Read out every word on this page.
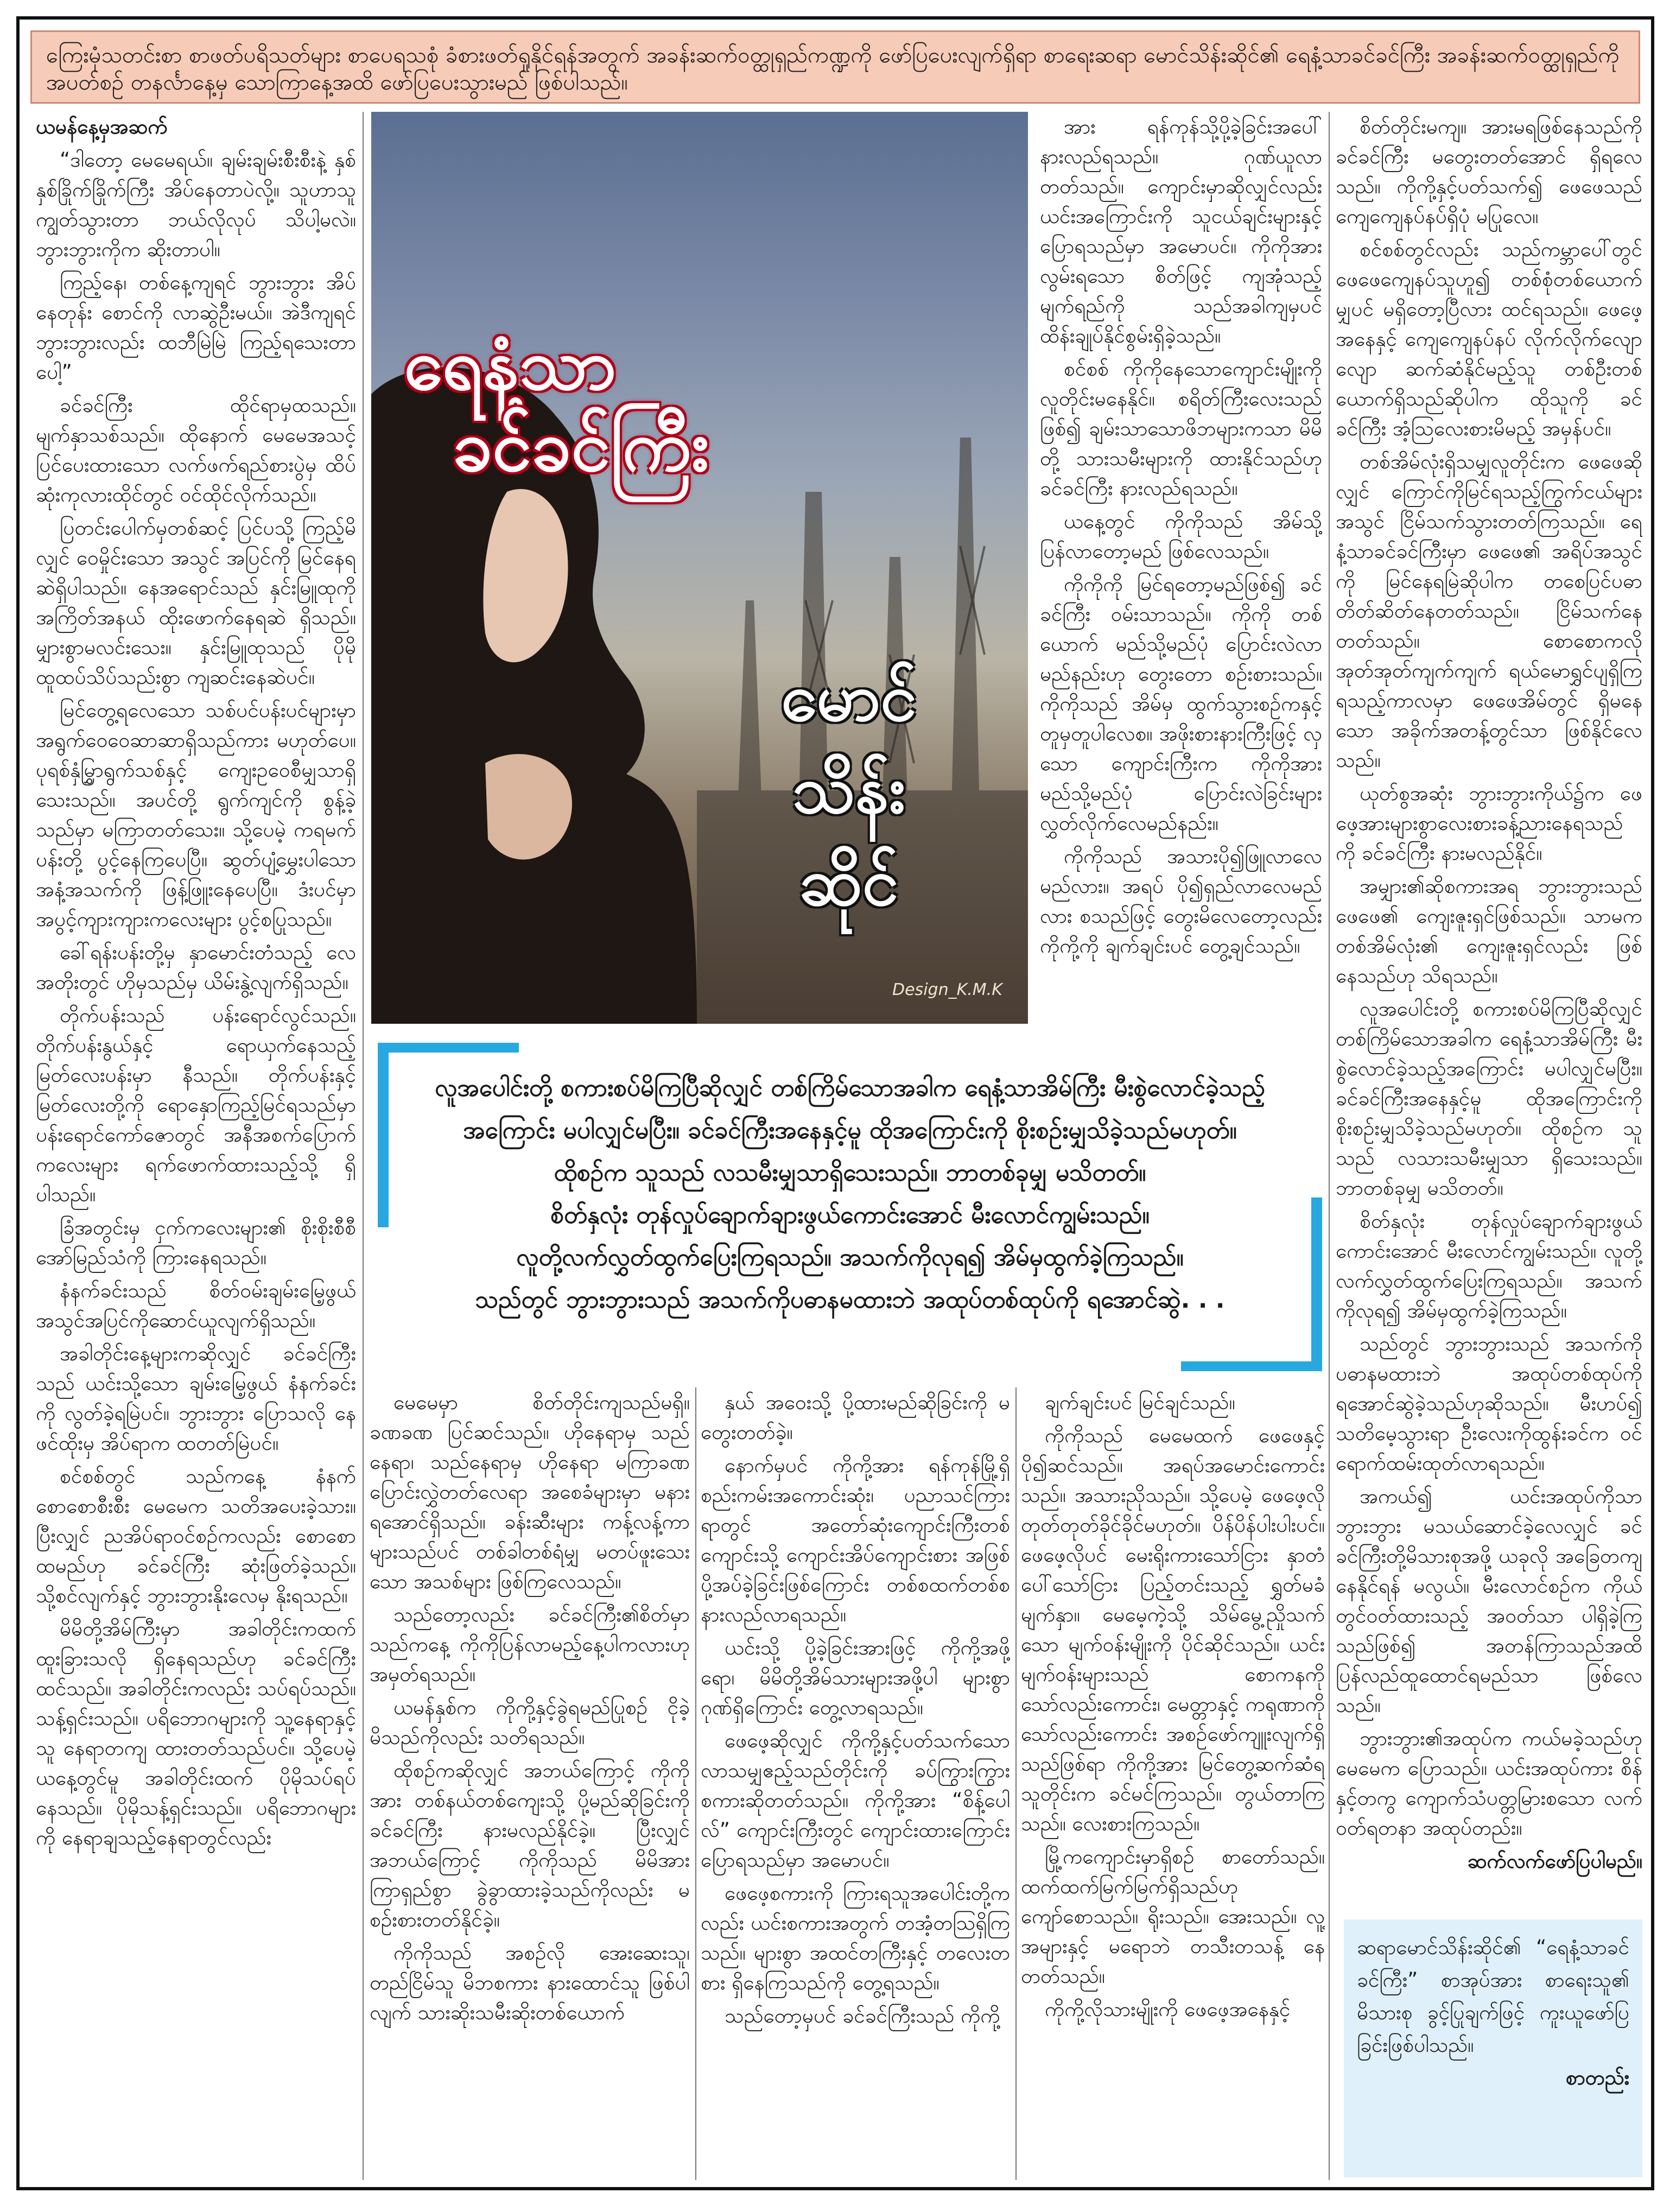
ကြေးမုံသတင်းစာ စာဖတ်ပရိသတ်များ စာပေရသစုံ ခံစားဖတ်ရှုနိုင်ရန်အတွက် အခန်းဆက်ဝတ္ထုရှည်ကဏ္ဍကို ဖော်ပြပေးလျက်ရှိရာ စာရေးဆရာ မောင်သိန်းဆိုင်၏ ရေနံ့သာခင်ခင်ကြီး အခန်းဆက်ဝတ္ထုရှည်ကို အပတ်စဉ် တနင်္လာနေ့မှ သောကြာနေ့အထိ ဖော်ပြပေးသွားမည် ဖြစ်ပါသည်။

ယမန်နေ့မှအဆက်

“ဒါတော့ မေမေရယ်။ ချမ်းချမ်းစီးစီးနဲ့ နှစ်နှစ်ခြိုက်ခြိုက်ကြီး အိပ်နေတာပဲလို့။ သူဟာသူ ကျွတ်သွားတာ ဘယ်လိုလုပ် သိပါ့မလဲ။ ဘွားဘွားကိုက ဆိုးတာပါ။

ကြည့်နေ၊ တစ်နေ့ကျရင် ဘွားဘွား အိပ်နေတုန်း စောင်ကို လာဆွဲဦးမယ်။ အဲဒီကျရင် ဘွားဘွားလည်း ထဘီမြဲမြဲ ကြည့်ရသေးတာပေါ့”

ခင်ခင်ကြီး ထိုင်ရာမှထသည်။ မျက်နှာသစ်သည်။ ထိုနောက် မေမေအသင့်ပြင်ပေးထားသော လက်ဖက်ရည်စားပွဲမှ ထိပ်ဆုံးကုလားထိုင်တွင် ဝင်ထိုင်လိုက်သည်။

ပြတင်းပေါက်မှတစ်ဆင့် ပြင်ပသို့ ကြည့်မိလျှင် ဝေမှိုင်းသော အသွင် အပြင်ကို မြင်နေရဆဲရှိပါသည်။ နေအရောင်သည် နှင်းမြူထုကို အကြိတ်အနယ် ထိုးဖောက်နေရဆဲ ရှိသည်။ မျှားစွာမလင်းသေး။ နှင်းမြူထုသည် ပိုမိုထူထပ်သိပ်သည်းစွာ ကျဆင်းနေဆဲပင်။

မြင်တွေ့ရလေသော သစ်ပင်ပန်းပင်များမှာ အရွက်ဝေဝေဆာဆာရှိသည်ကား မဟုတ်ပေ။ ပုရစ်နှံမြွှာရွက်သစ်နှင့် ကျေးဥဝေစီမျှသာရှိသေးသည်။ အပင်တို့ ရွက်ကျင်ကို စွန့်ခဲ့သည်မှာ မကြာတတ်သေး။ သို့ပေမဲ့ ကရမက်ပန်းတို့ ပွင့်နေကြပေပြီ။ ဆွတ်ပျံ့မွှေးပါသော အနံ့အသက်ကို ဖြန့်ဖြူးနေပေပြီ။ ဒံးပင်မှာ အပွင့်ကျားကျားကလေးများ ပွင့်စပြုသည်။

ခေါ်ရန်းပန်းတို့မှ နှာမောင်းတံသည့် လေအတိုးတွင် ဟိုမှသည်မှ ယိမ်းနွဲ့လျက်ရှိသည်။

တိုက်ပန်းသည် ပန်းရောင်လွင်သည်။ တိုက်ပန်းနွယ်နှင့် ရောယှက်နေသည့် မြတ်လေးပန်းမှာ နီသည်။ တိုက်ပန်းနှင့် မြတ်လေးတို့ကို ရောနှောကြည့်မြင်ရသည်မှာ ပန်းရောင်ကော်ဇောတွင် အနီအစက်ပြောက်ကလေးများ ရက်ဖောက်ထားသည့်သို့ ရှိပါသည်။

ခြံအတွင်းမှ ငှက်ကလေးများ၏ စိုးစိုးစီစီ အော်မြည်သံကို ကြားနေရသည်။

နံနက်ခင်းသည် စိတ်ဝမ်းချမ်းမြေ့ဖွယ် အသွင်အပြင်ကိုဆောင်ယူလျက်ရှိသည်။

အခါတိုင်းနေ့များကဆိုလျှင် ခင်ခင်ကြီးသည် ယင်းသို့သော ချမ်းမြေ့ဖွယ် နံနက်ခင်းကို လွတ်ခဲ့ရမြဲပင်။ ဘွားဘွား ပြောသလို နေဖင်ထိုးမှ အိပ်ရာက ထတတ်မြဲပင်။

စင်စစ်တွင် သည်ကနေ့ နံနက်စောစောစီးစီး မေမေက သတိအပေးခဲ့သား။ ပြီးလျှင် ညအိပ်ရာဝင်စဉ်ကလည်း စောစောထမည်ဟု ခင်ခင်ကြီး ဆုံးဖြတ်ခဲ့သည်။ သို့စင်လျက်နှင့် ဘွားဘွားနိုးလေမှ နိုးရသည်။

မိမိတို့အိမ်ကြီးမှာ အခါတိုင်းကထက် ထူးခြားသလို ရှိနေရသည်ဟု ခင်ခင်ကြီးထင်သည်။ အခါတိုင်းကလည်း သပ်ရပ်သည်။ သန့်ရှင်းသည်။ ပရိဘောဂများကို သူ့နေရာနှင့်သူ နေရာတကျ ထားတတ်သည်ပင်။ သို့ပေမဲ့ ယနေ့တွင်မူ အခါတိုင်းထက် ပိုမိုသပ်ရပ်နေသည်။ ပိုမိုသန့်ရှင်းသည်။ ပရိဘောဂများကို နေရာချသည့်နေရာတွင်လည်း

ရေနံ့သာ
ခင်ခင်ကြီး
မောင်
သိန်း
ဆိုင်
Design_K.M.K

အား ရန်ကုန်သို့ပို့ခဲ့ခြင်းအပေါ် နားလည်ရသည်။ ဂုဏ်ယူလာတတ်သည်။ ကျောင်းမှာဆိုလျှင်လည်း ယင်းအကြောင်းကို သူငယ်ချင်းများနှင့် ပြောရသည်မှာ အမောပင်။ ကိုကိုအား လွမ်းရသော စိတ်ဖြင့် ကျအုံသည့်မျက်ရည်ကို သည်အခါကျမှပင် ထိန်းချုပ်နိုင်စွမ်းရှိခဲ့သည်။

စင်စစ် ကိုကိုနေသောကျောင်းမျိုးကို လူတိုင်းမနေနိုင်။ စရိတ်ကြီးလေးသည်ဖြစ်၍ ချမ်းသာသောဖိဘများကသာ မိမိတို့ သားသမီးများကို ထားနိုင်သည်ဟု ခင်ခင်ကြီး နားလည်ရသည်။

ယနေ့တွင် ကိုကိုသည် အိမ်သို့ပြန်လာတော့မည် ဖြစ်လေသည်။

ကိုကိုကို မြင်ရတော့မည်ဖြစ်၍ ခင်ခင်ကြီး ဝမ်းသာသည်။ ကိုကို တစ်ယောက် မည်သို့မည်ပုံ ပြောင်းလဲလာမည်နည်းဟု တွေးတော စဉ်းစားသည်။ ကိုကိုသည် အိမ်မှ ထွက်သွားစဉ်ကနှင့် တူမှတူပါလေစ။ အဖိုးစားနားကြီးဖြင့် လှသော ကျောင်းကြီးက ကိုကိုအား မည်သို့မည်ပုံ ပြောင်းလဲခြင်းများ လွှတ်လိုက်လေမည်နည်း။

ကိုကိုသည် အသားပို၍ဖြူလာလေမည်လား။ အရပ် ပို၍ရှည်လာလေမည်လား စသည်ဖြင့် တွေးမိလေတော့လည်း ကိုကို့ကို ချက်ချင်းပင် တွေ့ချင်သည်။

စိတ်တိုင်းမကျ။ အားမရဖြစ်နေသည်ကို ခင်ခင်ကြီး မတွေးတတ်အောင် ရှိရလေသည်။ ကိုကို့နှင့်ပတ်သက်၍ ဖေဖေသည် ကျေကျေနပ်နပ်ရှိပုံ မပြုလေ။

စင်စစ်တွင်လည်း သည်ကမ္ဘာပေါ်တွင် ဖေဖေကျေနပ်သူဟူ၍ တစ်စုံတစ်ယောက်မျှပင် မရှိတော့ပြီလား ထင်ရသည်။ ဖေဖေ့အနေနှင့် ကျေကျေနပ်နပ် လိုက်လိုက်လျောလျော ဆက်ဆံနိုင်မည့်သူ တစ်ဦးတစ်ယောက်ရှိသည်ဆိုပါက ထိုသူကို ခင်ခင်ကြီး အံ့ဩလေးစားမိမည့် အမှန်ပင်။

တစ်အိမ်လုံးရှိသမျှလူတိုင်းက ဖေဖေဆိုလျှင် ကြောင်ကိုမြင်ရသည့်ကြွက်ငယ်များအသွင် ငြိမ်သက်သွားတတ်ကြသည်။ ရေနံ့သာခင်ခင်ကြီးမှာ ဖေဖေ၏ အရိပ်အသွင်ကို မြင်နေရမြဲဆိုပါက တစေပြင်ပဓာ တိတ်ဆိတ်နေတတ်သည်။ ငြိမ်သက်နေတတ်သည်။ စောစောကလို အုတ်အုတ်ကျက်ကျက် ရယ်မောရွှင်ပျရှိကြရသည့်ကာလမှာ ဖေဖေအိမ်တွင် ရှိမနေသော အခိုက်အတန့်တွင်သာ ဖြစ်နိုင်လေသည်။

ယုတ်စွအဆုံး ဘွားဘွားကိုယ်၌က ဖေဖေ့အားများစွာလေးစားခန့်ညားနေရသည်ကို ခင်ခင်ကြီး နားမလည်နိုင်။

အမျှား၏ဆိုစကားအရ ဘွားဘွားသည် ဖေဖေ၏ ကျေးဇူးရှင်ဖြစ်သည်။ သာမက တစ်အိမ်လုံး၏ ကျေးဇူးရှင်လည်း ဖြစ်နေသည်ဟု သိရသည်။

လူအပေါင်းတို့ စကားစပ်မိကြပြီဆိုလျှင် တစ်ကြိမ်သောအခါက ရေနံ့သာအိမ်ကြီး မီးစွဲလောင်ခဲ့သည့်အကြောင်း မပါလျှင်မပြီး။ ခင်ခင်ကြီးအနေနှင့်မူ ထိုအကြောင်းကို စိုးစဉ်းမျှသိခဲ့သည်မဟုတ်။ ထိုစဉ်က သူသည် လသားသမီးမျှသာ ရှိသေးသည်။ ဘာတစ်ခုမျှ မသိတတ်။

စိတ်နှလုံး တုန်လှုပ်ချောက်ချားဖွယ် ကောင်းအောင် မီးလောင်ကျွမ်းသည်။ လူတို့ လက်လွှတ်ထွက်ပြေးကြရသည်။ အသက်ကိုလုရ၍ အိမ်မှထွက်ခဲ့ကြသည်။

သည်တွင် ဘွားဘွားသည် အသက်ကို ပဓာနမထားဘဲ အထုပ်တစ်ထုပ်ကို ရအောင်ဆွဲခဲ့သည်ဟုဆိုသည်။ မီးဟပ်၍ သတိမေ့သွားရာ ဦးလေးကိုထွန်းခင်က ဝင်ရောက်ထမ်းထုတ်လာရသည်။

အကယ်၍ ယင်းအထုပ်ကိုသာ ဘွားဘွား မသယ်ဆောင်ခဲ့လေလျှင် ခင်ခင်ကြီးတို့မိသားစုအဖို့ ယခုလို အခြေတကျနေနိုင်ရန် မလွယ်။ မီးလောင်စဉ်က ကိုယ်တွင်ဝတ်ထားသည့် အဝတ်သာ ပါရှိခဲ့ကြသည်ဖြစ်၍ အတန်ကြာသည်အထိပြန်လည်ထူထောင်ရမည်သာ ဖြစ်လေသည်။

ဘွားဘွား၏အထုပ်က ကယ်မခဲ့သည်ဟု မေမေက ပြောသည်။ ယင်းအထုပ်ကား စိန်နှင့်တကွ ကျောက်သံပတ္တမြားစသော လက်ဝတ်ရတနာ အထုပ်တည်း။

ဆက်လက်ဖော်ပြပါမည်။

လူအပေါင်းတို့ စကားစပ်မိကြပြီဆိုလျှင် တစ်ကြိမ်သောအခါက ရေနံ့သာအိမ်ကြီး မီးစွဲလောင်ခဲ့သည့်
အကြောင်း မပါလျှင်မပြီး။ ခင်ခင်ကြီးအနေနှင့်မူ ထိုအကြောင်းကို စိုးစဉ်းမျှသိခဲ့သည်မဟုတ်။
ထိုစဉ်က သူသည် လသမီးမျှသာရှိသေးသည်။ ဘာတစ်ခုမျှ မသိတတ်။
စိတ်နှလုံး တုန်လှုပ်ချောက်ချားဖွယ်ကောင်းအောင် မီးလောင်ကျွမ်းသည်။
လူတို့လက်လွှတ်ထွက်ပြေးကြရသည်။ အသက်ကိုလုရ၍ အိမ်မှထွက်ခဲ့ကြသည်။
သည်တွင် ဘွားဘွားသည် အသက်ကိုပဓာနမထားဘဲ အထုပ်တစ်ထုပ်ကို ရအောင်ဆွဲ. . .

မေမေမှာ စိတ်တိုင်းကျသည်မရှိ။ ခဏခဏ ပြင်ဆင်သည်။ ဟိုနေရာမှ သည်နေရာ၊ သည်နေရာမှ ဟိုနေရာ မကြာခဏ ပြောင်းလွှဲတတ်လေရာ အစေခံများမှာ မနားရအောင်ရှိသည်။ ခန်းဆီးများ ကန့်လန့်ကာများသည်ပင် တစ်ခါတစ်ရံမျှ မတပ်ဖူးသေးသော အသစ်များ ဖြစ်ကြလေသည်။

သည်တော့လည်း ခင်ခင်ကြီး၏စိတ်မှာ သည်ကနေ့ ကိုကိုပြန်လာမည့်နေ့ပါကလားဟု အမှတ်ရသည်။

ယမန်နှစ်က ကိုကို့နှင့်ခွဲရမည်ပြုစဉ် ငိုခဲ့မိသည်ကိုလည်း သတိရသည်။

ထိုစဉ်ကဆိုလျှင် အဘယ်ကြောင့် ကိုကိုအား တစ်နယ်တစ်ကျေးသို့ ပို့မည်ဆိုခြင်းကို ခင်ခင်ကြီး နားမလည်နိုင်ခဲ့။ ပြီးလျှင် အဘယ်ကြောင့် ကိုကိုသည် မိမိအား ကြာရှည်စွာ ခွဲခွာထားခဲ့သည်ကိုလည်း မစဉ်းစားတတ်နိုင်ခဲ့။

ကိုကိုသည် အစဉ်လို အေးဆေးသူ၊ တည်ငြိမ်သူ မိဘစကား နားထောင်သူ ဖြစ်ပါလျက် သားဆိုးသမီးဆိုးတစ်ယောက်

နှယ် အဝေးသို့ ပို့ထားမည်ဆိုခြင်းကို မတွေးတတ်ခဲ့။

နောက်မှပင် ကိုကို့အား ရန်ကုန်မြို့ရှိ စည်းကမ်းအကောင်းဆုံး၊ ပညာသင်ကြားရာတွင် အတော်ဆုံးကျောင်းကြီးတစ်ကျောင်းသို့ ကျောင်းအိပ်ကျောင်းစား အဖြစ် ပို့အပ်ခဲ့ခြင်းဖြစ်ကြောင်း တစ်စထက်တစ်စ နားလည်လာရသည်။

ယင်းသို့ ပို့ခဲ့ခြင်းအားဖြင့် ကိုကို့အဖို့ ရော၊ မိမိတို့အိမ်သားများအဖို့ပါ များစွာ ဂုဏ်ရှိကြောင်း တွေ့လာရသည်။

ဖေဖေ့ဆိုလျှင် ကိုကို့နှင့်ပတ်သက်သော လာသမျှဧည့်သည်တိုင်းကို ခပ်ကြွားကြွား စကားဆိုတတ်သည်။ ကိုကို့အား “စိန့်ပေါလ်” ကျောင်းကြီးတွင် ကျောင်းထားကြောင်း ပြောရသည်မှာ အမောပင်။

ဖေဖေ့စကားကို ကြားရသူအပေါင်းတို့ကလည်း ယင်းစကားအတွက် တအံ့တဩရှိကြသည်။ များစွာ အထင်တကြီးနှင့် တလေးတစား ရှိနေကြသည်ကို တွေ့ရသည်။

သည်တော့မှပင် ခင်ခင်ကြီးသည် ကိုကို့

ချက်ချင်းပင် မြင်ချင်သည်။

ကိုကိုသည် မေမေထက် ဖေဖေနှင့် ပို၍ဆင်သည်။ အရပ်အမောင်းကောင်းသည်။ အသားညိုသည်။ သို့ပေမဲ့ ဖေဖေ့လို တုတ်တုတ်ခိုင်ခိုင်မဟုတ်။ ပိန်ပိန်ပါးပါးပင်။ ဖေဖေ့လိုပင် မေးရိုးကားသော်ငြား နှာတံပေါ်သော်ငြား ပြည့်တင်းသည့် ရွှတ်မခံမျက်နှာ။ မေမေ့ကဲ့သို့ သိမ်မွေ့ညှိုသက်သော မျက်ဝန်းမျိုးကို ပိုင်ဆိုင်သည်။ ယင်းမျက်ဝန်းများသည် စောကနကို သော်လည်းကောင်း၊ မေတ္တာနှင့် ကရုဏာကိုသော်လည်းကောင်း အစဉ်ဖော်ကျူးလျက်ရှိသည်ဖြစ်ရာ ကိုကို့အား မြင်တွေ့ဆက်ဆံရသူတိုင်းက ခင်မင်ကြသည်။ တွယ်တာကြသည်။ လေးစားကြသည်။

မြို့ကကျောင်းမှာရှိစဉ် စာတော်သည်။ ထက်ထက်မြက်မြက်ရှိသည်ဟု ကျော်စောသည်။ ရိုးသည်။ အေးသည်။ လူ့အများနှင့် မရောဘဲ တသီးတသန့် နေတတ်သည်။

ကိုကို့လိုသားမျိုးကို ဖေဖေ့အနေနှင့်

ဆရာမောင်သိန်းဆိုင်၏ “ရေနံ့သာခင်ခင်ကြီး” စာအုပ်အား စာရေးသူ၏ မိသားစု ခွင့်ပြုချက်ဖြင့် ကူးယူဖော်ပြခြင်းဖြစ်ပါသည်။
စာတည်း
